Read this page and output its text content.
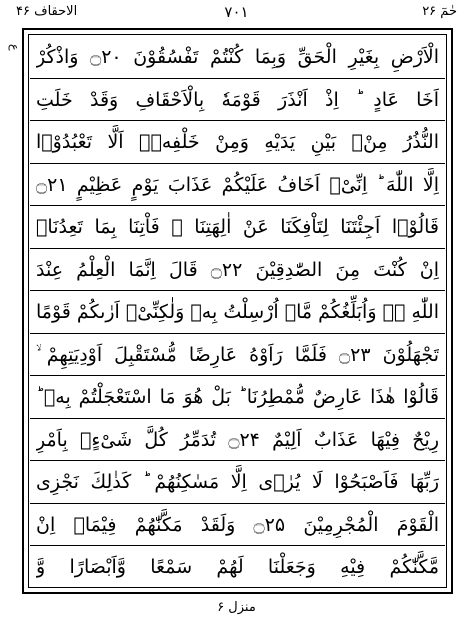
الاحقاف ۴۶	۷۰۱	حٰمٓ ۲۶
ع الْاَرْضِ بِغَیْرِ الْحَقِّ وَبِمَا كُنْتُمْ تَفْسُقُوْنَ ۝۲۰ وَاذْكُرْ
اَخَا عَادٍ ؕ اِذْ اَنْذَرَ قَوْمَهٗ بِالْاَحْقَافِ وَقَدْ خَلَتِ
النُّذُرُ مِنْۢ بَیْنِ یَدَیْهِ وَمِنْ خَلْفِهٖۤ اَلَّا تَعْبُدُوْۤا
اِلَّا اللّٰهَ ؕ اِنِّیْۤ اَخَافُ عَلَیْكُمْ عَذَابَ یَوْمٍ عَظِیْمٍ ۝۲۱
قَالُوْۤا اَجِئْتَنَا لِتَاْفِكَنَا عَنْ اٰلِهَتِنَا ۚ فَاْتِنَا بِمَا تَعِدُنَاۤ
اِنْ كُنْتَ مِنَ الصّٰدِقِیْنَ ۝۲۲ قَالَ اِنَّمَا الْعِلْمُ عِنْدَ
اللّٰهِ ۖؗ وَاُبَلِّغُكُمْ مَّاۤ اُرْسِلْتُ بِهٖ وَلٰكِنِّیْۤ اَرٰىكُمْ قَوْمًا
تَجْهَلُوْنَ ۝۲۳ فَلَمَّا رَاَوْهُ عَارِضًا مُّسْتَقْبِلَ اَوْدِیَتِهِمْ ۙ
قَالُوْا هٰذَا عَارِضٌ مُّمْطِرُنَا ؕ بَلْ هُوَ مَا اسْتَعْجَلْتُمْ بِهٖ ؕ
رِیْحٌ فِیْهَا عَذَابٌ اَلِیْمٌ ۝۲۴ تُدَمِّرُ كُلَّ شَیْءٍۭ بِاَمْرِ
رَبِّهَا فَاَصْبَحُوْا لَا یُرٰۤى اِلَّا مَسٰكِنُهُمْ ؕ كَذٰلِكَ نَجْزِی
الْقَوْمَ الْمُجْرِمِیْنَ ۝۲۵ وَلَقَدْ مَكَّنّٰهُمْ فِیْمَاۤ اِنْ
مَّكَّنّٰكُمْ فِیْهِ وَجَعَلْنَا لَهُمْ سَمْعًا وَّاَبْصَارًا وَّ
منزل ۶
